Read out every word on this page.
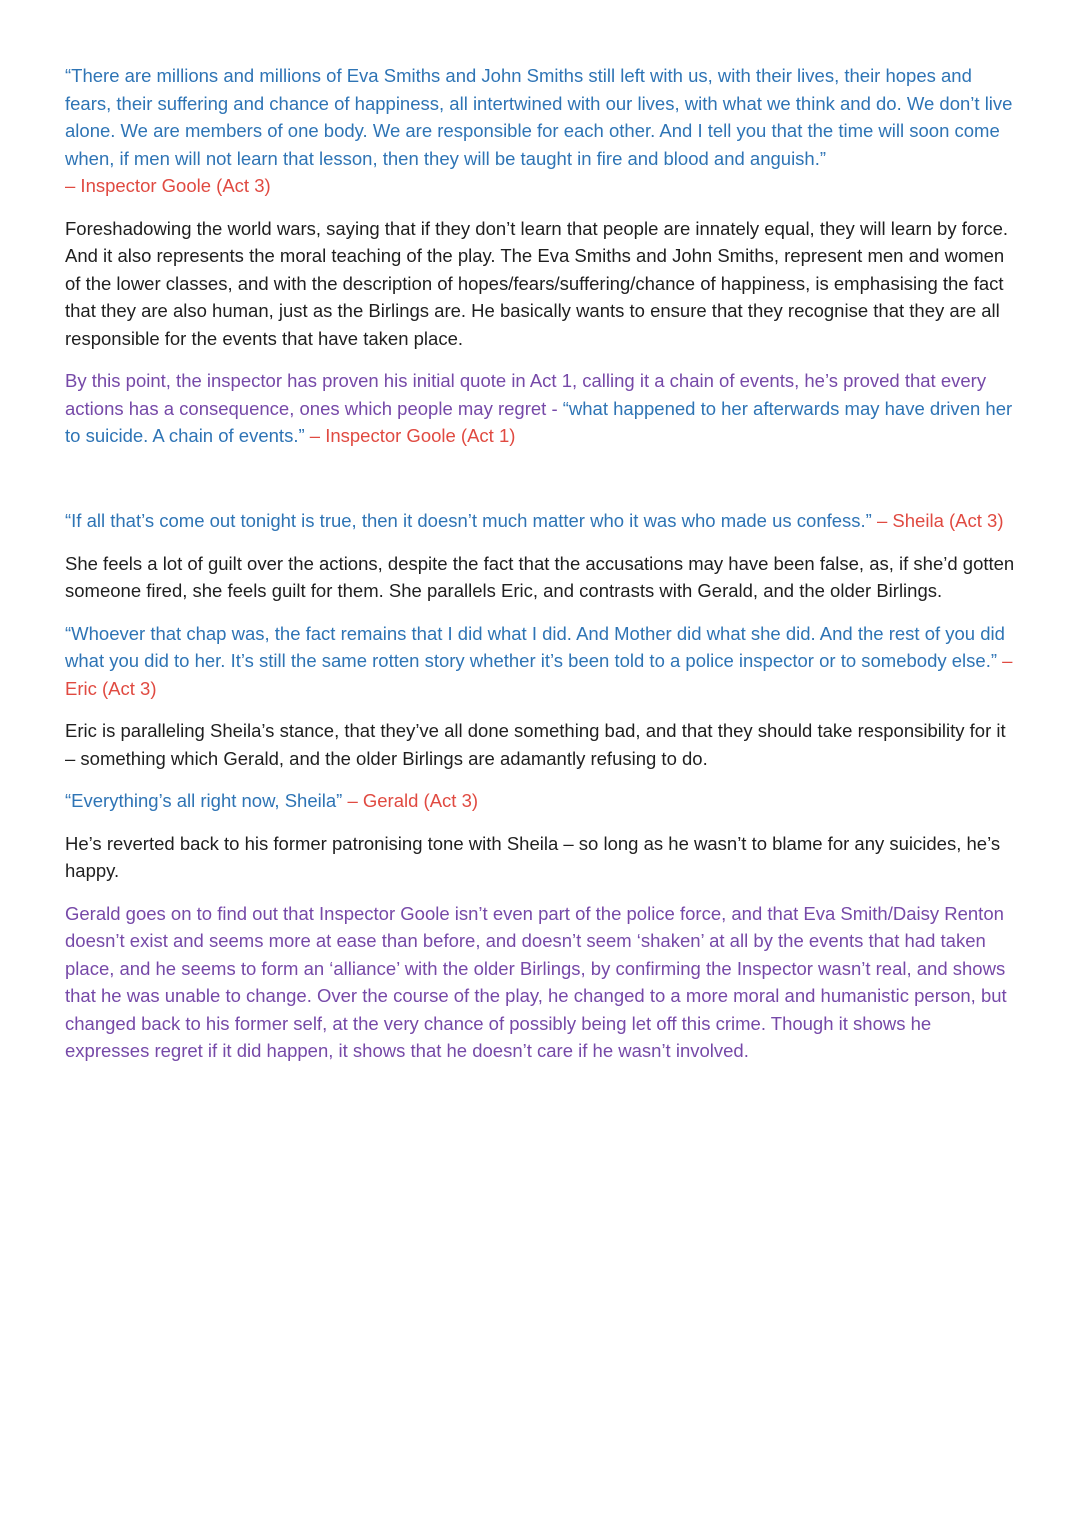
“There are millions and millions of Eva Smiths and John Smiths still left with us, with their lives, their hopes and fears, their suffering and chance of happiness, all intertwined with our lives, with what we think and do. We don’t live alone. We are members of one body. We are responsible for each other. And I tell you that the time will soon come when, if men will not learn that lesson, then they will be taught in fire and blood and anguish.”
– Inspector Goole (Act 3)

Foreshadowing the world wars, saying that if they don’t learn that people are innately equal, they will learn by force. And it also represents the moral teaching of the play. The Eva Smiths and John Smiths, represent men and women of the lower classes, and with the description of hopes/fears/suffering/chance of happiness, is emphasising the fact that they are also human, just as the Birlings are. He basically wants to ensure that they recognise that they are all responsible for the events that have taken place.

By this point, the inspector has proven his initial quote in Act 1, calling it a chain of events, he’s proved that every actions has a consequence, ones which people may regret - “what happened to her afterwards may have driven her to suicide. A chain of events.” – Inspector Goole (Act 1)

“If all that’s come out tonight is true, then it doesn’t much matter who it was who made us confess.” – Sheila (Act 3)

She feels a lot of guilt over the actions, despite the fact that the accusations may have been false, as, if she’d gotten someone fired, she feels guilt for them. She parallels Eric, and contrasts with Gerald, and the older Birlings.

“Whoever that chap was, the fact remains that I did what I did. And Mother did what she did. And the rest of you did what you did to her. It’s still the same rotten story whether it’s been told to a police inspector or to somebody else.” – Eric (Act 3)

Eric is paralleling Sheila’s stance, that they’ve all done something bad, and that they should take responsibility for it – something which Gerald, and the older Birlings are adamantly refusing to do.

“Everything’s all right now, Sheila” – Gerald (Act 3)

He’s reverted back to his former patronising tone with Sheila – so long as he wasn’t to blame for any suicides, he’s happy.

Gerald goes on to find out that Inspector Goole isn’t even part of the police force, and that Eva Smith/Daisy Renton doesn’t exist and seems more at ease than before, and doesn’t seem ‘shaken’ at all by the events that had taken place, and he seems to form an ‘alliance’ with the older Birlings, by confirming the Inspector wasn’t real, and shows that he was unable to change. Over the course of the play, he changed to a more moral and humanistic person, but changed back to his former self, at the very chance of possibly being let off this crime. Though it shows he expresses regret if it did happen, it shows that he doesn’t care if he wasn’t involved.
